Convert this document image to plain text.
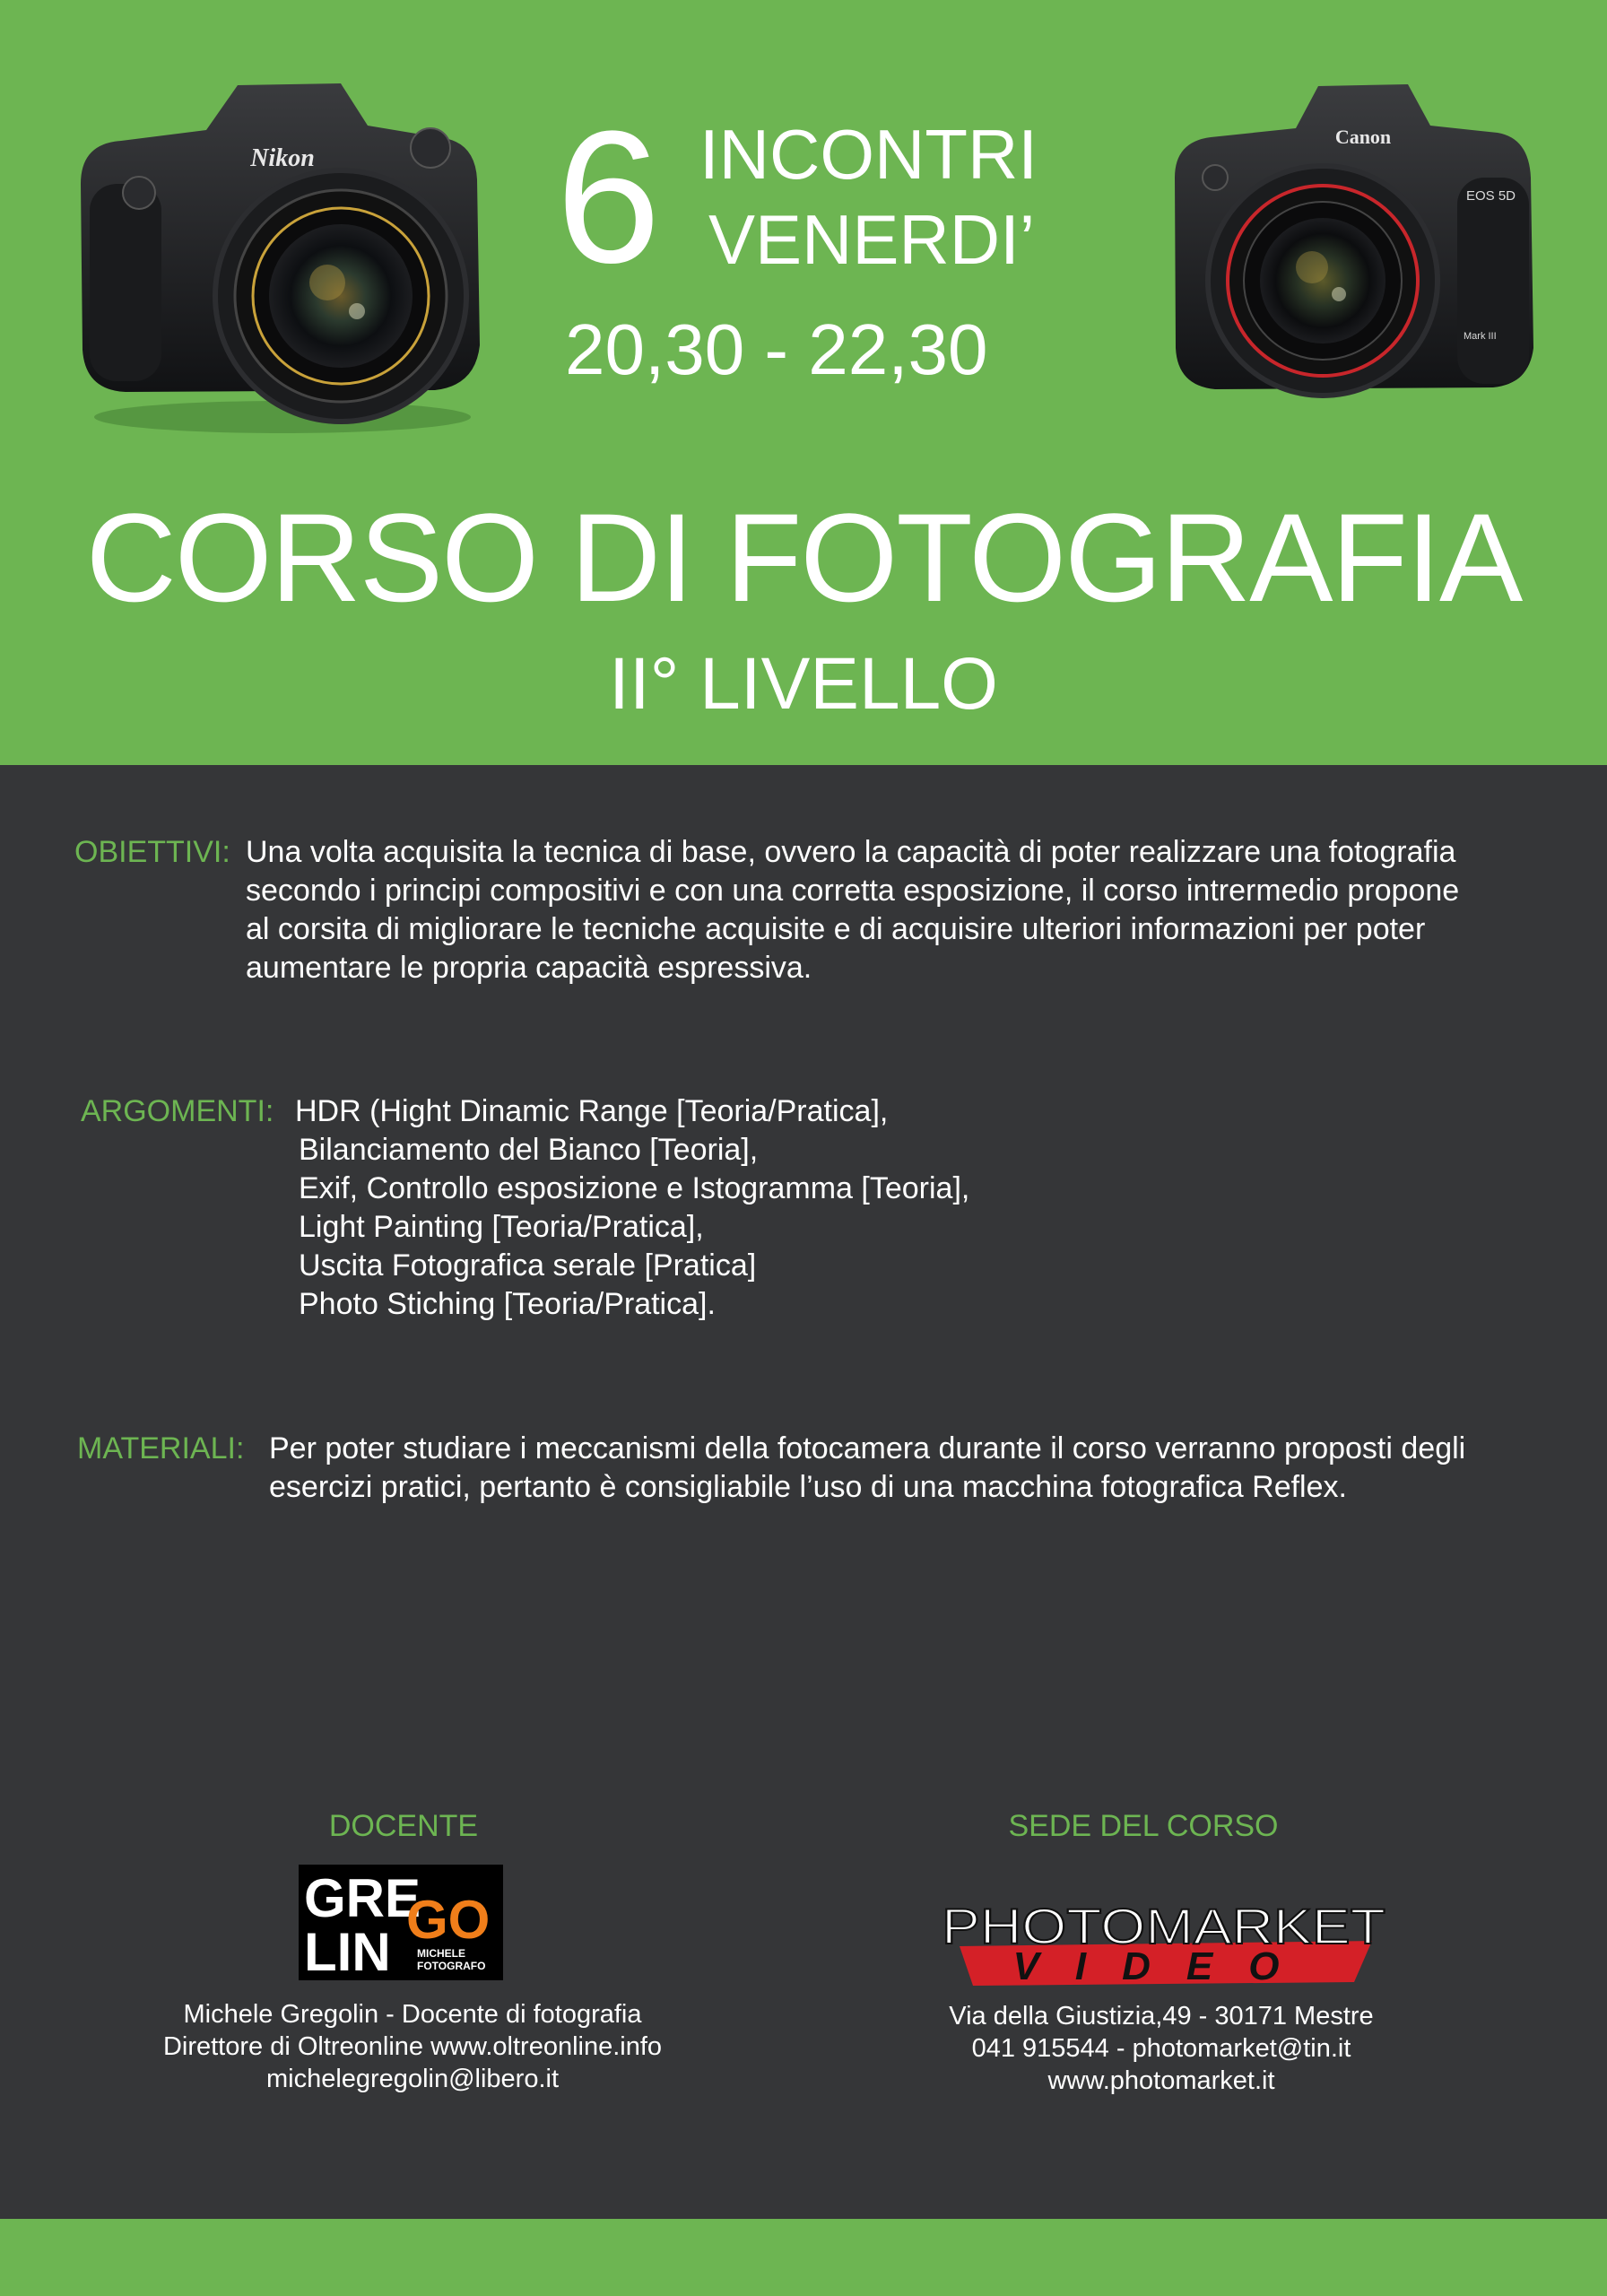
Nikon
Canon
EOS 5D
Mark III
6 INCONTRI
VENERDI’
20,30 - 22,30
CORSO DI FOTOGRAFIA
II° LIVELLO
OBIETTIVI: Una volta acquisita la tecnica di base, ovvero la capacità di poter realizzare una fotografia
secondo i principi compositivi e con una corretta esposizione, il corso intrermedio propone
al corsita di migliorare le tecniche acquisite e di acquisire ulteriori informazioni per poter
aumentare le propria capacità espressiva.
ARGOMENTI: HDR (Hight Dinamic Range [Teoria/Pratica],
Bilanciamento del Bianco [Teoria],
Exif, Controllo esposizione e Istogramma [Teoria],
Light Painting [Teoria/Pratica],
Uscita Fotografica serale [Pratica]
Photo Stiching [Teoria/Pratica].
MATERIALI: Per poter studiare i meccanismi della fotocamera durante il corso verranno proposti degli
esercizi pratici, pertanto è consigliabile l’uso di una macchina fotografica Reflex.
DOCENTE	SEDE DEL CORSO
GRE
GO
LIN MICHELE
FOTOGRAFO	VIDEO
PHOTOMARKET
Michele Gregolin - Docente di fotografia
Direttore di Oltreonline www.oltreonline.info
michelegregolin@libero.it
Via della Giustizia,49 - 30171 Mestre
041 915544 - photomarket@tin.it
www.photomarket.it
